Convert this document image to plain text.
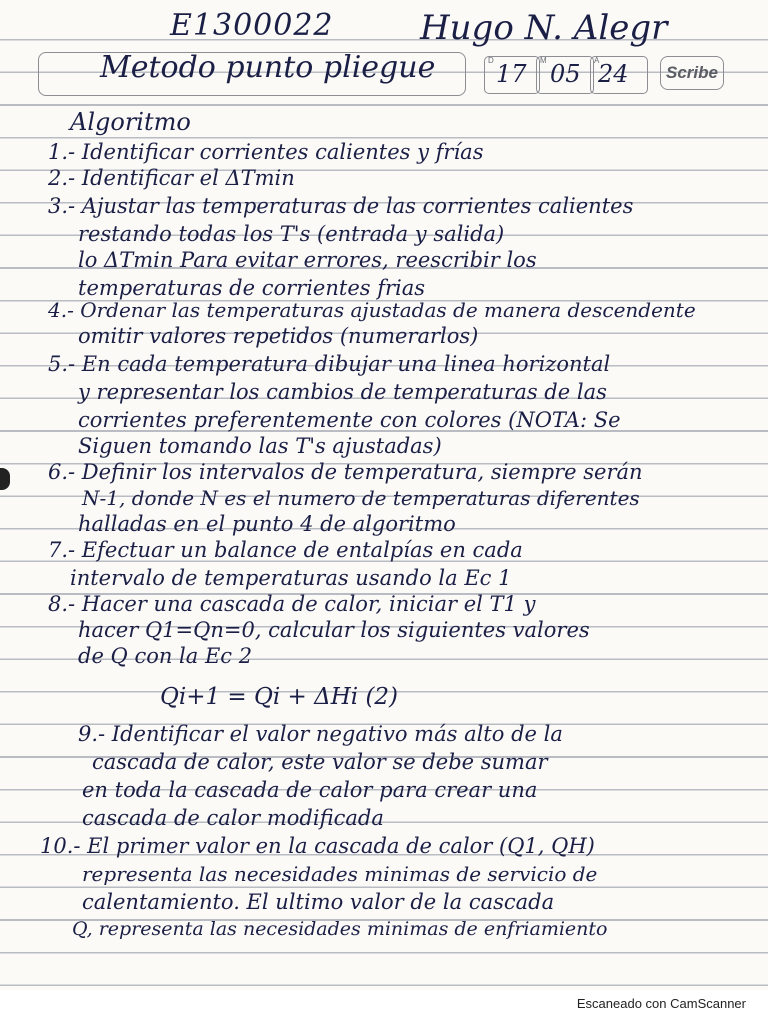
E1300022	Hugo N. Alegr
Metodo punto pliegue	D	M	A
17 05 24	Scribe
Algoritmo
1.- Identificar corrientes calientes y frías
2.- Identificar el ΔTmin
3.- Ajustar las temperaturas de las corrientes calientes
restando todas los T's (entrada y salida)
lo ΔTmin Para evitar errores, reescribir los
temperaturas de corrientes frias
4.- Ordenar las temperaturas ajustadas de manera descendente
omitir valores repetidos (numerarlos)
5.- En cada temperatura dibujar una linea horizontal
y representar los cambios de temperaturas de las
corrientes preferentemente con colores (NOTA: Se
Siguen tomando las T's ajustadas)
6.- Definir los intervalos de temperatura, siempre serán
N-1, donde N es el numero de temperaturas diferentes
halladas en el punto 4 de algoritmo
7.- Efectuar un balance de entalpías en cada
intervalo de temperaturas usando la Ec 1
8.- Hacer una cascada de calor, iniciar el T1 y
hacer Q1=Qn=0, calcular los siguientes valores
de Q con la Ec 2
Qi+1 = Qi + ΔHi (2)
9.- Identificar el valor negativo más alto de la
cascada de calor, este valor se debe sumar
en toda la cascada de calor para crear una
cascada de calor modificada
10.- El primer valor en la cascada de calor (Q1, QH)
representa las necesidades minimas de servicio de
calentamiento. El ultimo valor de la cascada
Q, representa las necesidades minimas de enfriamiento
Escaneado con CamScanner
